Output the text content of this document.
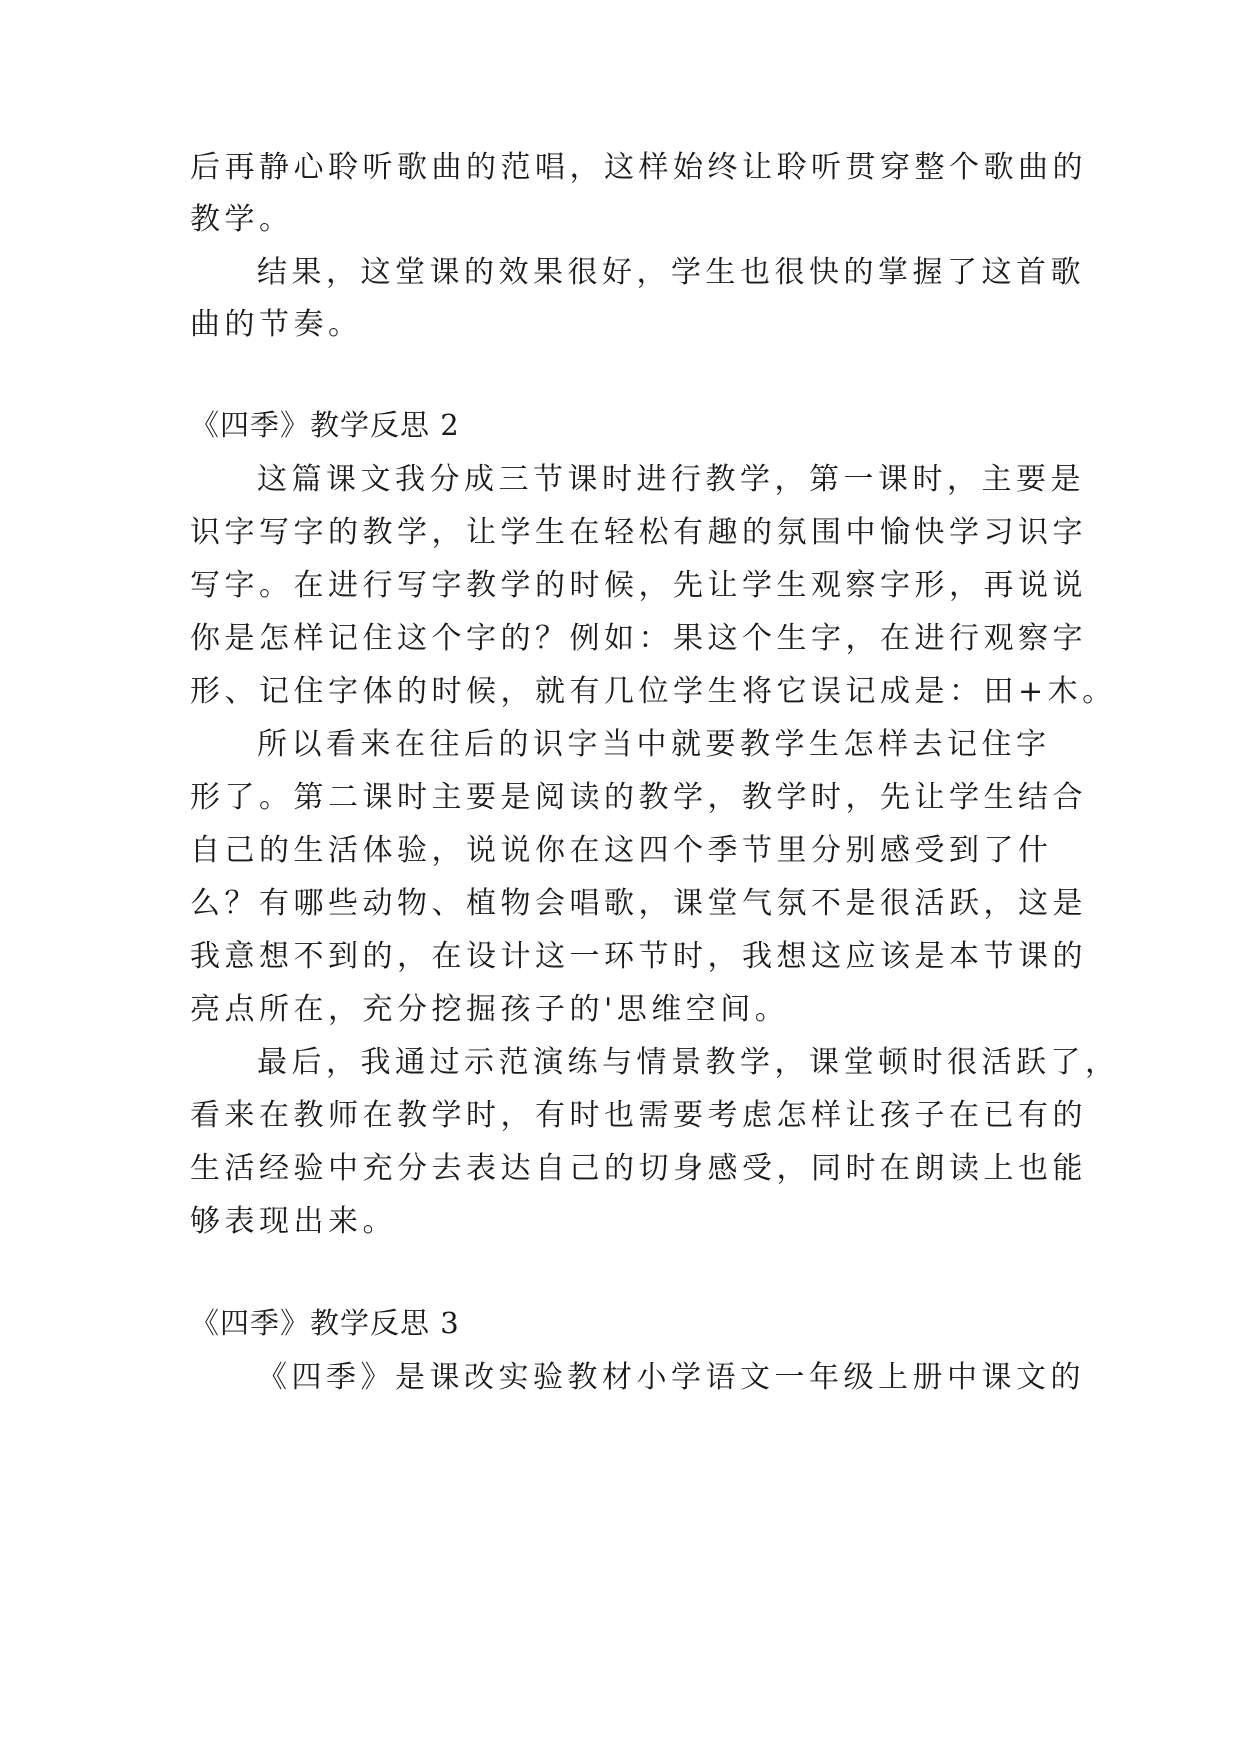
后再静心聆听歌曲的范唱，这样始终让聆听贯穿整个歌曲的
教学。
结果，这堂课的效果很好，学生也很快的掌握了这首歌
曲的节奏。
《四季》教学反思 2
这篇课文我分成三节课时进行教学，第一课时，主要是
识字写字的教学，让学生在轻松有趣的氛围中愉快学习识字
写字。在进行写字教学的时候，先让学生观察字形，再说说
你是怎样记住这个字的？例如：果这个生字，在进行观察字
形、记住字体的时候，就有几位学生将它误记成是：田+木。
所以看来在往后的识字当中就要教学生怎样去记住字
形了。第二课时主要是阅读的教学，教学时，先让学生结合
自己的生活体验，说说你在这四个季节里分别感受到了什
么？有哪些动物、植物会唱歌，课堂气氛不是很活跃，这是
我意想不到的，在设计这一环节时，我想这应该是本节课的
亮点所在，充分挖掘孩子的'思维空间。
最后，我通过示范演练与情景教学，课堂顿时很活跃了，
看来在教师在教学时，有时也需要考虑怎样让孩子在已有的
生活经验中充分去表达自己的切身感受，同时在朗读上也能
够表现出来。
《四季》教学反思 3
《四季》是课改实验教材小学语文一年级上册中课文的
